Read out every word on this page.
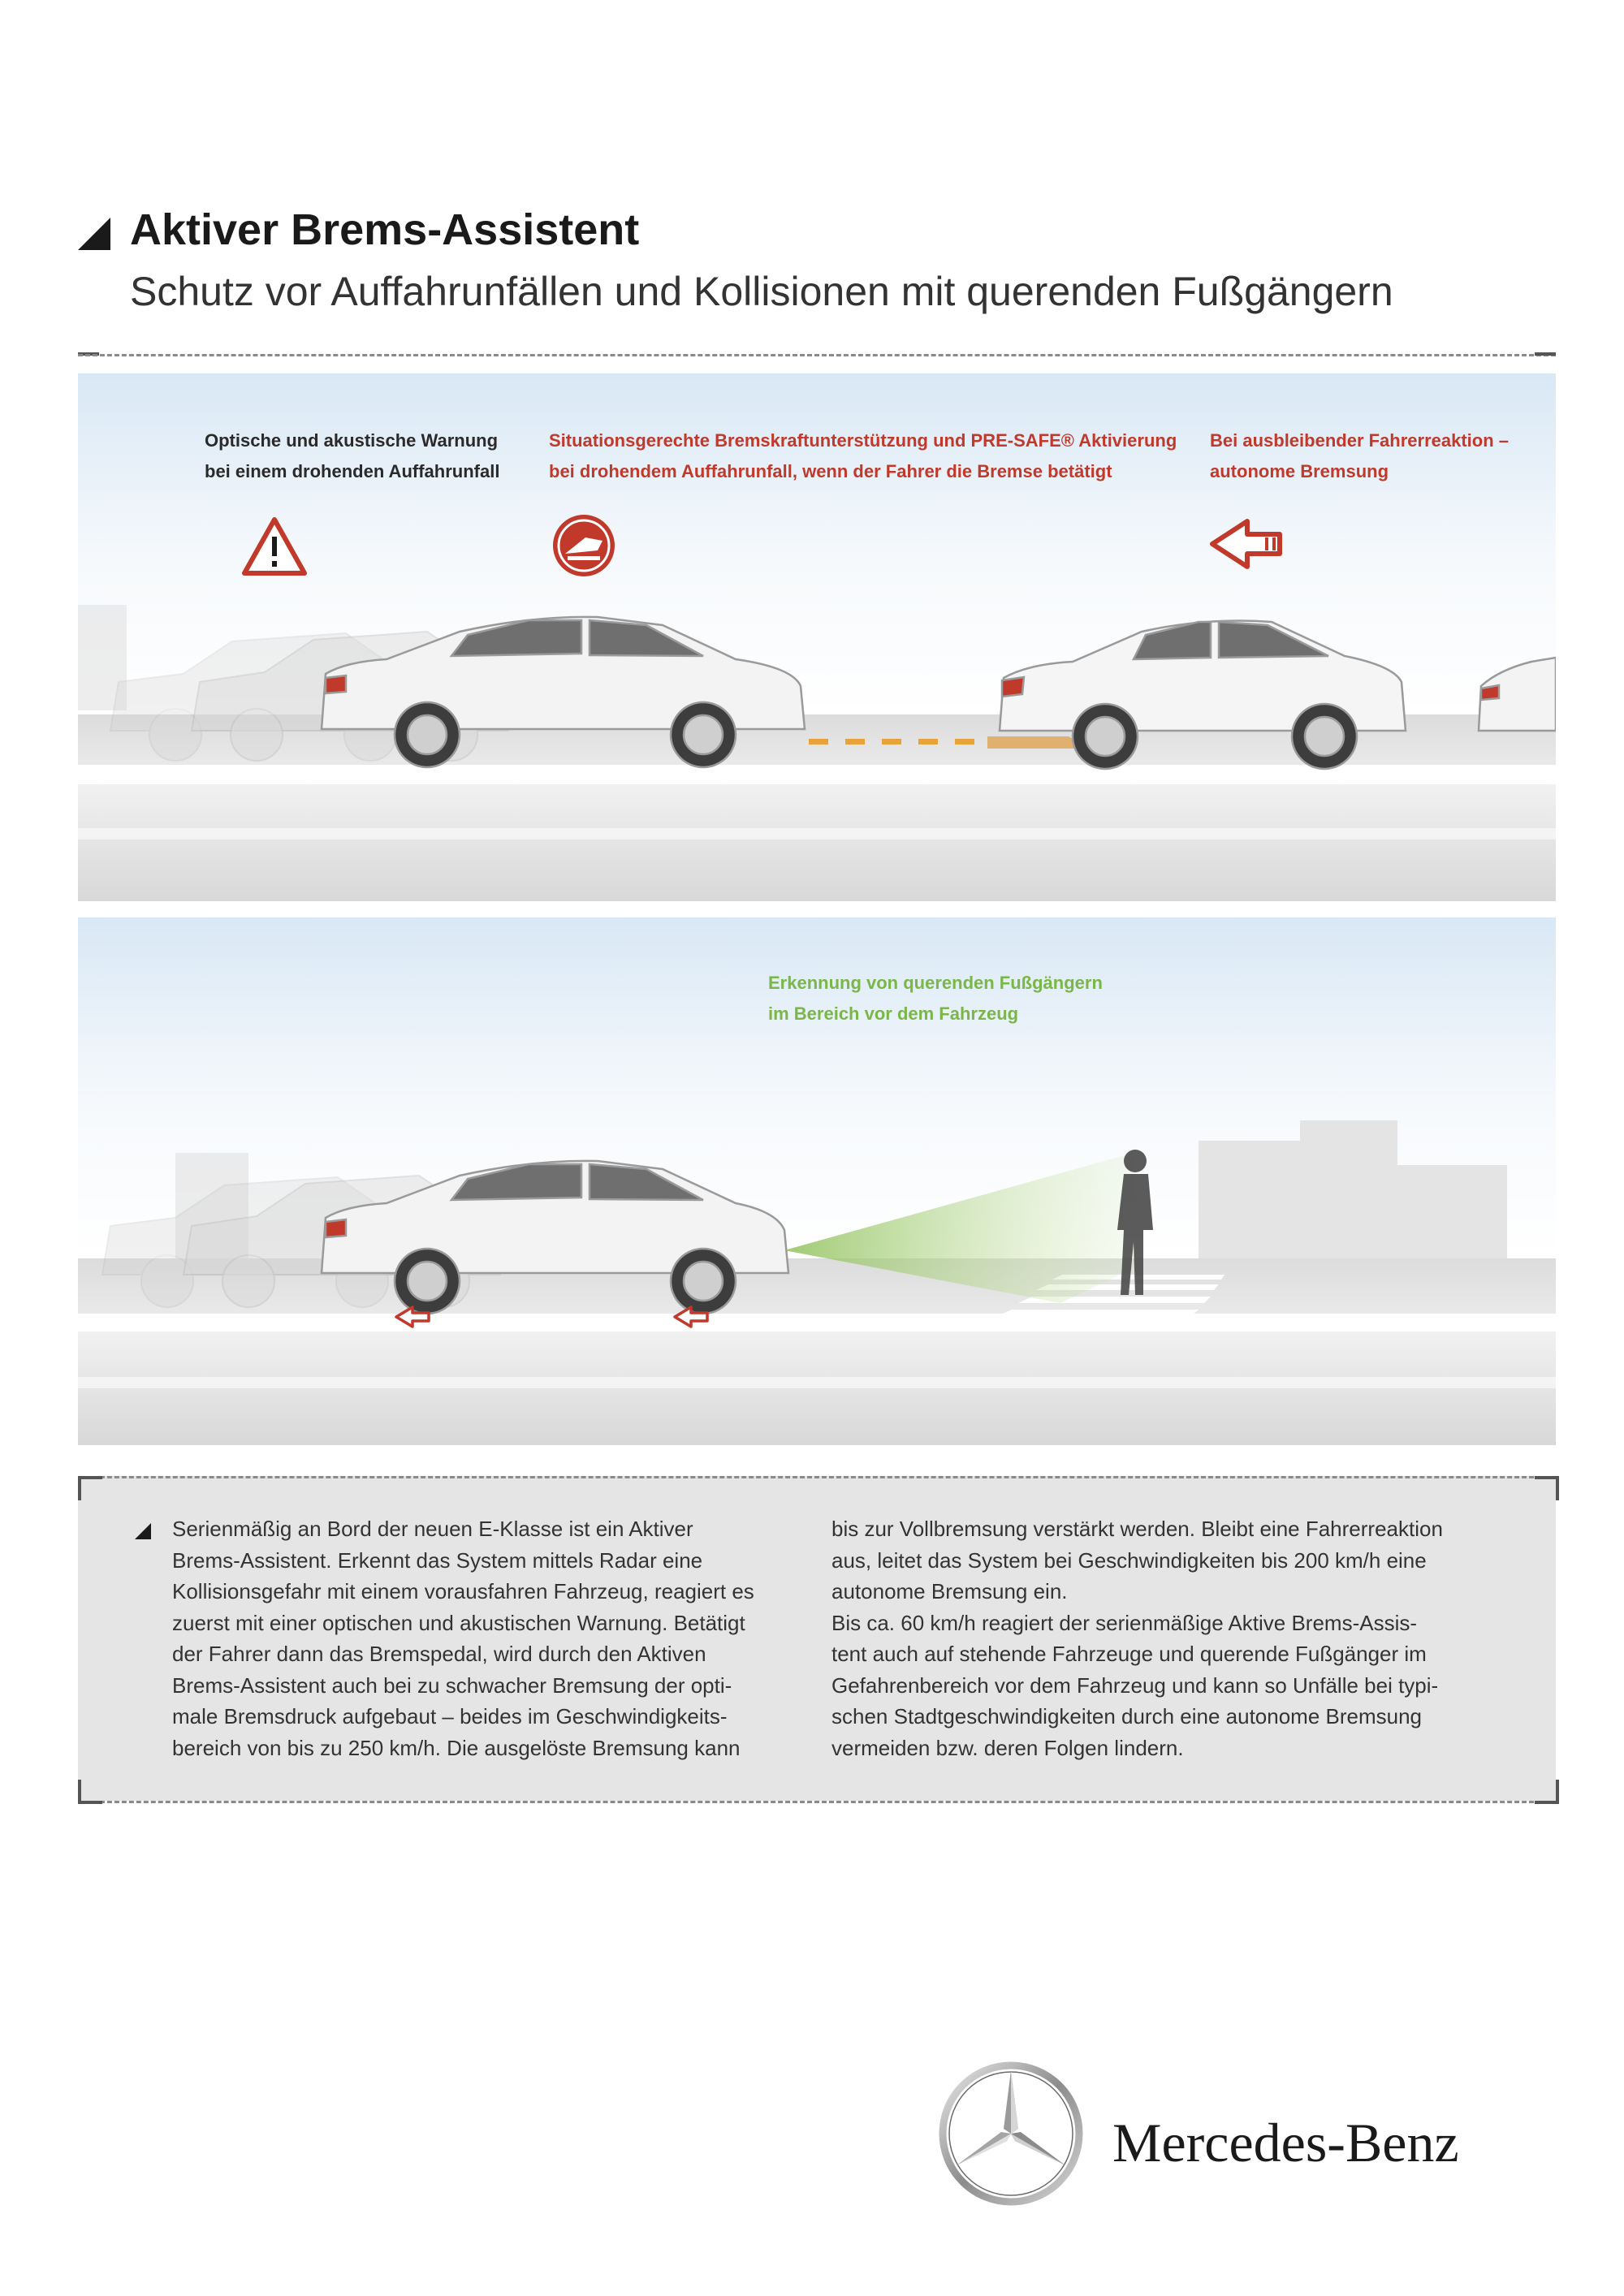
Aktiver Brems-Assistent
Schutz vor Auffahrunfällen und Kollisionen mit querenden Fußgängern
Optische und akustische Warnung
bei einem drohenden Auffahrunfall
Situationsgerechte Bremskraftunterstützung und PRE-SAFE® Aktivierung
bei drohendem Auffahrunfall, wenn der Fahrer die Bremse betätigt
Bei ausbleibender Fahrerreaktion –
autonome Bremsung
Erkennung von querenden Fußgängern
im Bereich vor dem Fahrzeug
Serienmäßig an Bord der neuen E-Klasse ist ein Aktiver
Brems-Assistent. Erkennt das System mittels Radar eine
Kollisionsgefahr mit einem vorausfahren Fahrzeug, reagiert es
zuerst mit einer optischen und akustischen Warnung. Betätigt
der Fahrer dann das Bremspedal, wird durch den Aktiven
Brems-Assistent auch bei zu schwacher Bremsung der opti-
male Bremsdruck aufgebaut – beides im Geschwindigkeits-
bereich von bis zu 250 km/h. Die ausgelöste Bremsung kann
bis zur Vollbremsung verstärkt werden. Bleibt eine Fahrerreaktion
aus, leitet das System bei Geschwindigkeiten bis 200 km/h eine
autonome Bremsung ein.
Bis ca. 60 km/h reagiert der serienmäßige Aktive Brems-Assis-
tent auch auf stehende Fahrzeuge und querende Fußgänger im
Gefahrenbereich vor dem Fahrzeug und kann so Unfälle bei typi-
schen Stadtgeschwindigkeiten durch eine autonome Bremsung
vermeiden bzw. deren Folgen lindern.
Mercedes-Benz
